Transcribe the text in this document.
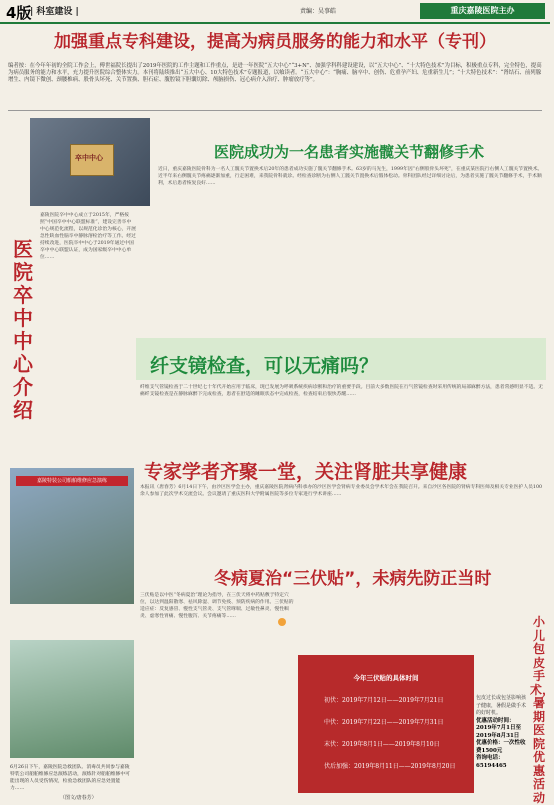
4版
| 科室建设 |	责编：吴事皓	重庆嘉陵医院主办
加强重点专科建设，提高为病员服务的能力和水平（专刊）
编者按：在今年年初的全院工作会上，傅世福院长提出了2019年医院的工作主题和工作重点，是进一年医院“五大中心”“3+N”、加强学科科建设建设，以“五大中心”、“十大特色技术”为目标，积极重点专科，完全特色，提高为病员服务的能力和水平，充力提升医院综合整体实力。本刊将陆续推出“五大中心、10大特色技术”专题报道，以飨读者。“五大中心”：“胸痛、脑卒中、创伤、危重孕产妇、危重新生儿”；“十大特色技术”：“肾结石、前列腺增生、内镜下微创、颈腰椎病、股骨头坏死、关节置换、胆石症、腹腔镜下胆囊切除、颅脑损伤、冠心病介入治疗、肿瘤放疗等”。
卒中中心
医院卒中中心介绍
嘉陵医院卒中中心成立于2015年，严格按照“中国卒中中心联盟标准”，建设完善卒中中心规范化流程，以规范化诊治为核心，开展急性缺血性脑卒中静脉溶栓治疗等工作。经过持续改进，医院卒中中心于2019年通过中国卒中中心联盟认证，成为国家级卒中中心单位……
医院成功为一名患者实施髋关节翻修手术
近日，重庆嘉陵医院骨科为一名人工髋关节置换术后20年的患者成功实施了髋关节翻修手术。63岁的马先生，1999年因“右侧股骨头坏死”，在重庆某医院行右侧人工髋关节置换术。近半年来右侧髋关节疼痛逐渐加重，行走困难，来我院骨科就诊。经检查诊断为右侧人工髋关节置换术后假体松动。骨科团队经过详细讨论后，为患者实施了髋关节翻修手术，手术顺利，术后患者恢复良好……
纤支镜检查，可以无痛吗？
纤维支气管镜检查于二十世纪七十年代开始应用于临床，现已发展为呼吸系统疾病诊断和治疗的重要手段。目前大多数医院在行气管镜检查时采用传统的局部麻醉方法，患者常感明显不适。无痛纤支镜检查是在静脉麻醉下完成检查，患者在舒适的睡眠状态中完成检查，检查结束后很快苏醒……
专家学者齐聚一堂，关注肾脏共享健康
本报讯（唐春芳）6月14日下午，由沙区医学会主办，重庆嘉陵医院肾病内科承办的沙区医学会肾病专业委员会学术年会在我院召开。来自沙区各医院的肾病专科医师及相关专业医护人员100余人参加了此次学术交流会议。会议邀请了重庆医科大学附属医院等多位专家进行学术讲座……
嘉陵特装公司船舶维修应急演练
6月26日下午，嘉陵医院急救团队、消毒员共同参与嘉陵特装公司船舶维修应急演练活动，演练针对船舶维修中可能出现的人员受伤情况，检验急救团队的应急处置能力……
（图文/唐春芳）
冬病夏治“三伏贴”，未病先防正当时
三伏贴是以中医“冬病夏治”理论为指导，在三伏天将中药贴敷于特定穴位，以达到温阳散寒、祛风除湿、调节免疫、预防疾病的作用。三伏贴的适应症：反复感冒、慢性支气管炎、支气管哮喘、过敏性鼻炎、慢性咽炎、虚寒性胃痛、慢性腹泻、关节疼痛等……
今年三伏贴的具体时间
初伏：2019年7月12日——2019年7月21日
中伏：2019年7月22日——2019年7月31日
末伏：2019年8月1日——2019年8月10日
伏后加强：2019年8月11日——2019年8月20日
小儿包皮手术，暑期医院优惠活动
包皮过长或包茎影响孩子健康，暑假是做手术的好时机。
优惠活动时间：2019年7月1日至2019年8月31日
优惠价格：一次性收费1500元
咨询电话：65194465
